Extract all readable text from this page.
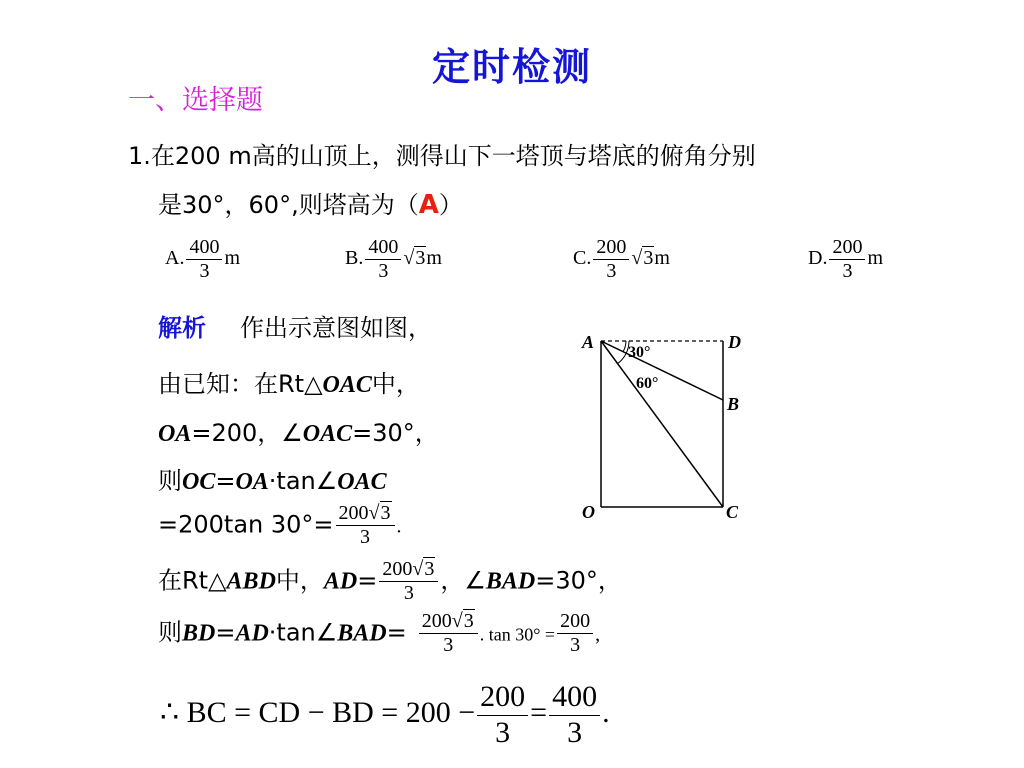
定时检测
一、选择题
1.在200 m高的山顶上，测得山下一塔顶与塔底的俯角分别
是30°，60°,则塔高为（A）
A. $\frac{400}{3}$ m	B. $\frac{400}{3} √3m$	C. $\frac{200}{3} √3m$	D. $\frac{200}{3}$ m
解析 作出示意图如图，
由已知：在Rt△OAC中，
OA=200，∠OAC=30°，
则OC=OA·tan∠OAC
=200tan $30^\circ= \frac{200√3}{3}$ .
在Rt△ABD中，$AD= \frac{200√3}{3}$ ，∠BAD=30°，
则BD=AD·tan∠BAD= $\frac{200√3}{3}$ . $\tan 30^\circ = \frac{200}{3}$ ,
∴ BC = CD − BD = $200 - \frac{200}{3} = \frac{400}{3}$ .
A	D
B
O	C
30°
60°
